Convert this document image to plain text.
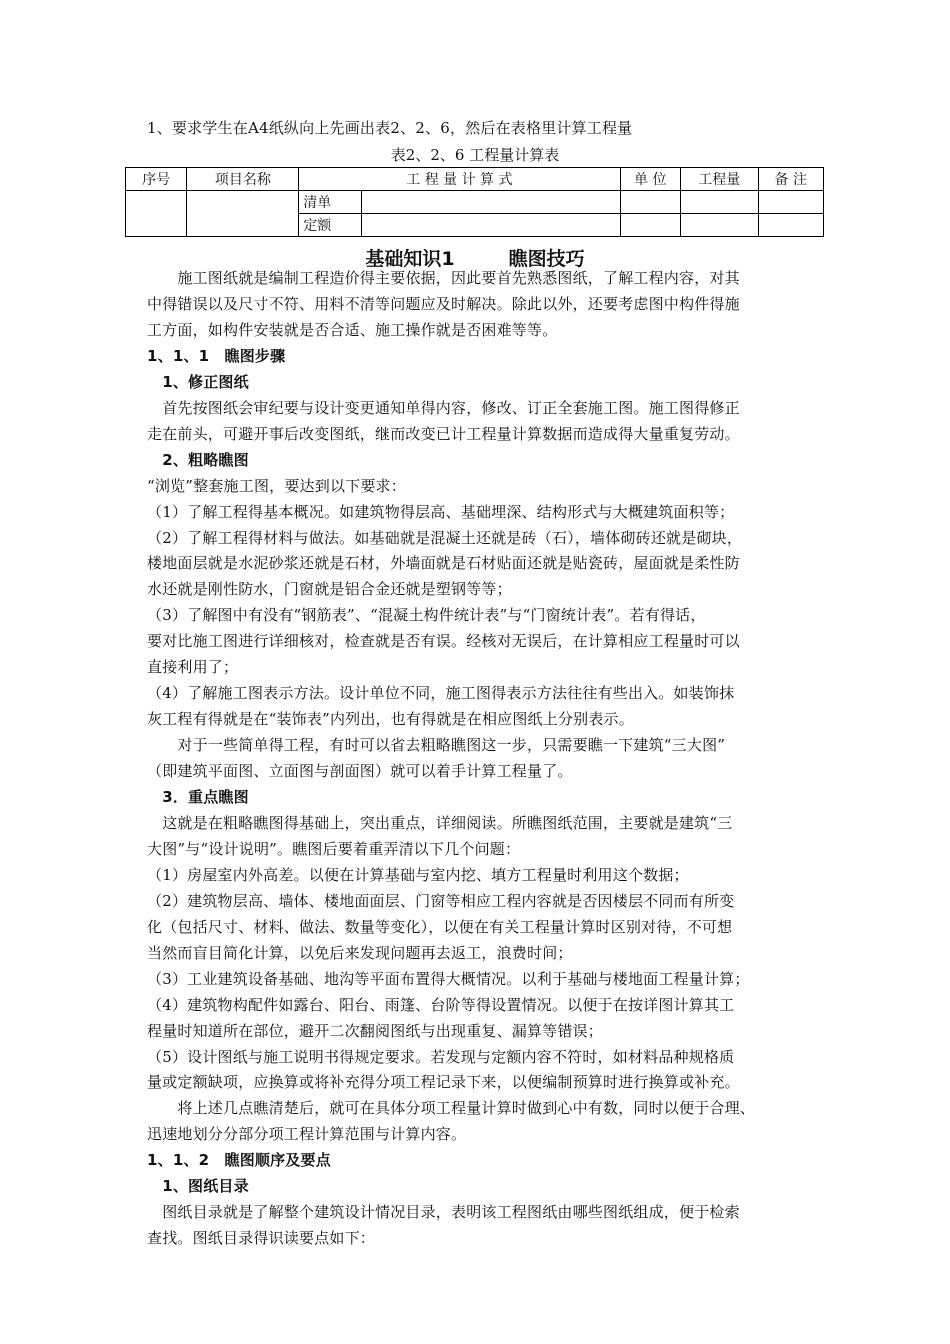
1、要求学生在A4纸纵向上先画出表2、2、6，然后在表格里计算工程量
表2、2、6 工程量计算表
序号	项目名称	工 程 量 计 算 式		单 位	工程量	备 注
		清单				
		定额				
基础知识1	瞧图技巧
　　施工图纸就是编制工程造价得主要依据，因此要首先熟悉图纸，了解工程内容，对其
中得错误以及尺寸不符、用料不清等问题应及时解决。除此以外，还要考虑图中构件得施
工方面，如构件安装就是否合适、施工操作就是否困难等等。
1、1、1　瞧图步骤
　1、修正图纸
　首先按图纸会审纪要与设计变更通知单得内容，修改、订正全套施工图。施工图得修正
走在前头，可避开事后改变图纸，继而改变已计工程量计算数据而造成得大量重复劳动。
　2、粗略瞧图
“浏览”整套施工图，要达到以下要求：
（1）了解工程得基本概况。如建筑物得层高、基础埋深、结构形式与大概建筑面积等；
（2）了解工程得材料与做法。如基础就是混凝土还就是砖（石），墙体砌砖还就是砌块，
楼地面层就是水泥砂浆还就是石材，外墙面就是石材贴面还就是贴瓷砖，屋面就是柔性防
水还就是刚性防水，门窗就是铝合金还就是塑钢等等；
（3）了解图中有没有“钢筋表”、“混凝土构件统计表”与“门窗统计表”。若有得话，
要对比施工图进行详细核对，检查就是否有误。经核对无误后，在计算相应工程量时可以
直接利用了；
（4）了解施工图表示方法。设计单位不同，施工图得表示方法往往有些出入。如装饰抹
灰工程有得就是在“装饰表”内列出，也有得就是在相应图纸上分别表示。
　　对于一些简单得工程，有时可以省去粗略瞧图这一步，只需要瞧一下建筑“三大图”
（即建筑平面图、立面图与剖面图）就可以着手计算工程量了。
　3．重点瞧图
　这就是在粗略瞧图得基础上，突出重点，详细阅读。所瞧图纸范围，主要就是建筑“三
大图”与“设计说明”。瞧图后要着重弄清以下几个问题：
（1）房屋室内外高差。以便在计算基础与室内挖、填方工程量时利用这个数据；
（2）建筑物层高、墙体、楼地面面层、门窗等相应工程内容就是否因楼层不同而有所变
化（包括尺寸、材料、做法、数量等变化），以便在有关工程量计算时区别对待，不可想
当然而盲目简化计算，以免后来发现问题再去返工，浪费时间；
（3）工业建筑设备基础、地沟等平面布置得大概情况。以利于基础与楼地面工程量计算；
（4）建筑物构配件如露台、阳台、雨篷、台阶等得设置情况。以便于在按详图计算其工
程量时知道所在部位，避开二次翻阅图纸与出现重复、漏算等错误；
（5）设计图纸与施工说明书得规定要求。若发现与定额内容不符时，如材料品种规格质
量或定额缺项，应换算或将补充得分项工程记录下来，以便编制预算时进行换算或补充。
　　将上述几点瞧清楚后，就可在具体分项工程量计算时做到心中有数，同时以便于合理、
迅速地划分分部分项工程计算范围与计算内容。
1、1、2　瞧图顺序及要点
　1、图纸目录
　图纸目录就是了解整个建筑设计情况目录，表明该工程图纸由哪些图纸组成，便于检索
查找。图纸目录得识读要点如下：
